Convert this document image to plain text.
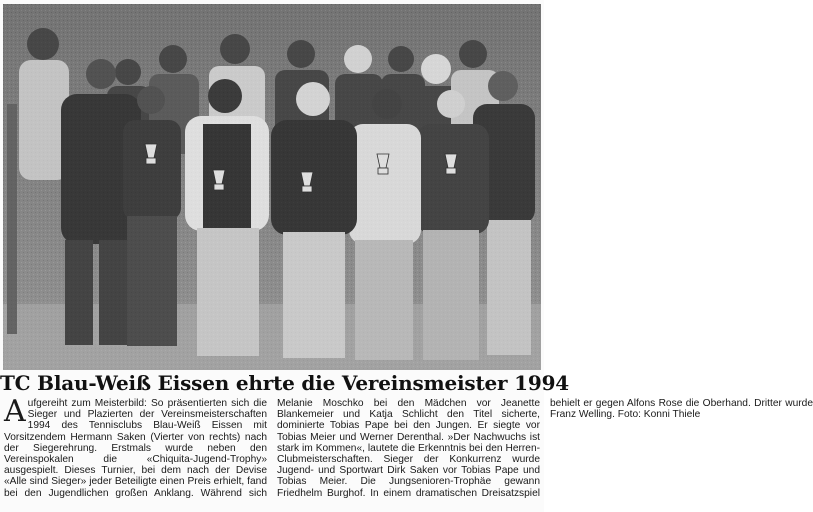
TC Blau-Weiß Eissen ehrte die Vereinsmeister 1994
Aufgereiht zum Meisterbild: So präsentierten sich die Sieger und Plazierten der Vereinsmeisterschaften 1994 des Tennisclubs Blau-Weiß Eissen mit Vorsitzendem Hermann Saken (Vierter von rechts) nach der Siegerehrung. Erstmals wurde neben den Vereinspokalen die «Chiquita-Jugend-Trophy» ausgespielt. Dieses Turnier, bei dem nach der Devise «Alle sind Sieger» jeder Beteiligte einen Preis erhielt, fand bei den Jugendlichen großen Anklang. Während sich Melanie Moschko bei den Mädchen vor Jeanette Blankemeier und Katja Schlicht den Titel sicherte, dominierte Tobias Pape bei den Jungen. Er siegte vor Tobias Meier und Werner Derenthal. »Der Nachwuchs ist stark im Kommen«, lautete die Erkenntnis bei den Herren-Clubmeisterschaften. Sieger der Konkurrenz wurde Jugend- und Sportwart Dirk Saken vor Tobias Pape und Tobias Meier. Die Jungsenioren-Trophäe gewann Friedhelm Burghof. In einem dramatischen Dreisatzspiel behielt er gegen Alfons Rose die Oberhand. Dritter wurde Franz Welling. Foto: Konni Thiele
